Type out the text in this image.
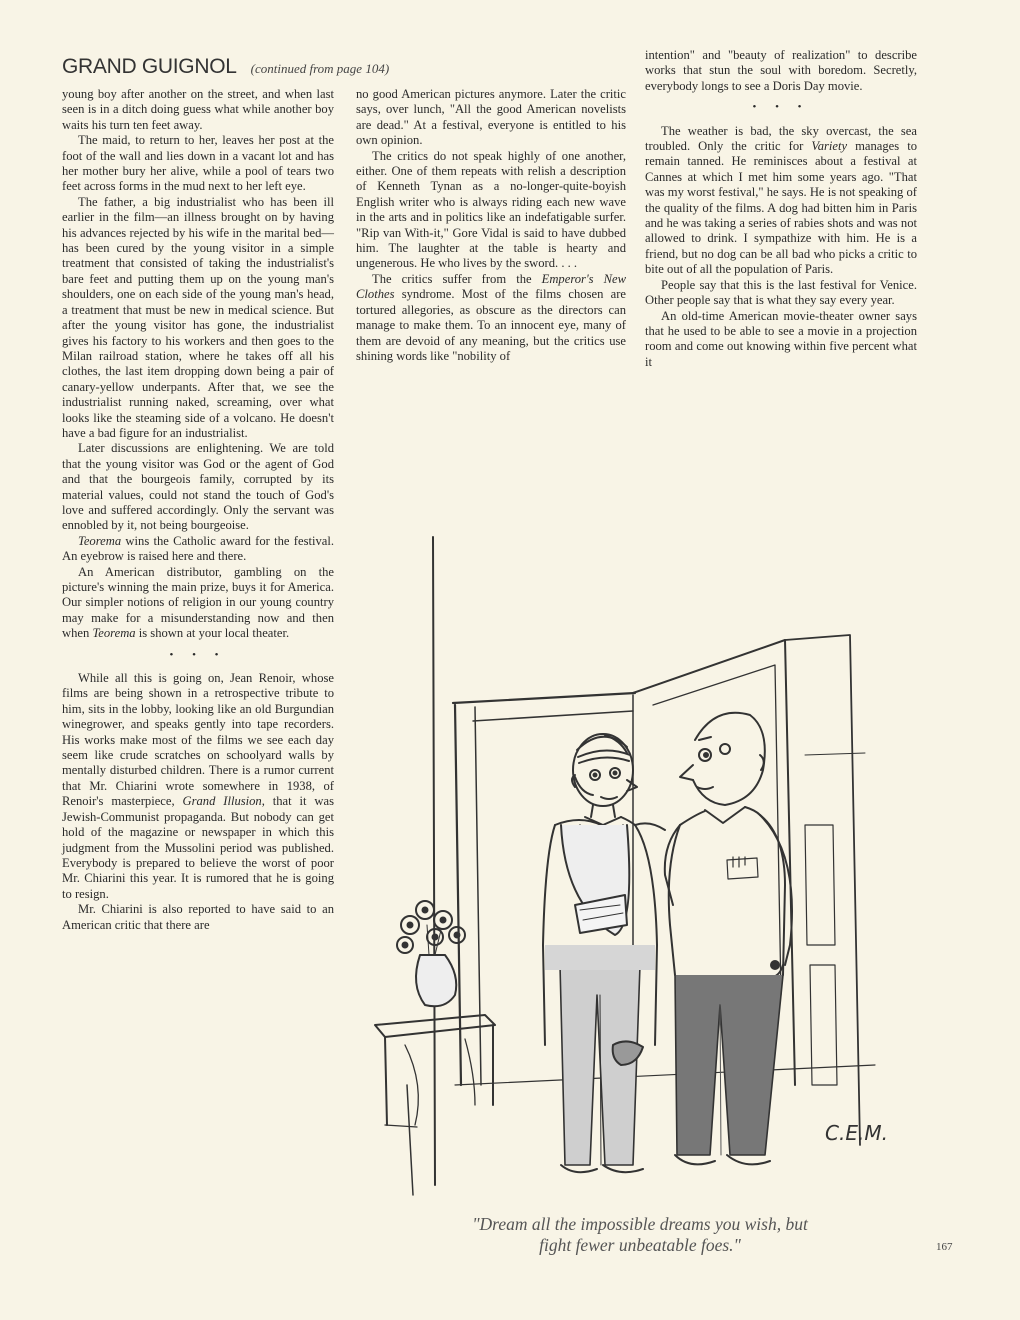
GRAND GUIGNOL (continued from page 104)

young boy after another on the street, and when last seen is in a ditch doing guess what while another boy waits his turn ten feet away.

The maid, to return to her, leaves her post at the foot of the wall and lies down in a vacant lot and has her mother bury her alive, while a pool of tears two feet across forms in the mud next to her left eye.

The father, a big industrialist who has been ill earlier in the film—an illness brought on by having his advances rejected by his wife in the marital bed—has been cured by the young visitor in a simple treatment that consisted of taking the industrialist's bare feet and putting them up on the young man's shoulders, one on each side of the young man's head, a treatment that must be new in medical science. But after the young visitor has gone, the industrialist gives his factory to his workers and then goes to the Milan railroad station, where he takes off all his clothes, the last item dropping down being a pair of canary-yellow underpants. After that, we see the industrialist running naked, screaming, over what looks like the steaming side of a volcano. He doesn't have a bad figure for an industrialist.

Later discussions are enlightening. We are told that the young visitor was God or the agent of God and that the bourgeois family, corrupted by its material values, could not stand the touch of God's love and suffered accordingly. Only the servant was ennobled by it, not being bourgeoise.

Teorema wins the Catholic award for the festival. An eyebrow is raised here and there.

An American distributor, gambling on the picture's winning the main prize, buys it for America. Our simpler notions of religion in our young country may make for a misunderstanding now and then when Teorema is shown at your local theater.

• • •

While all this is going on, Jean Renoir, whose films are being shown in a retrospective tribute to him, sits in the lobby, looking like an old Burgundian winegrower, and speaks gently into tape recorders. His works make most of the films we see each day seem like crude scratches on schoolyard walls by mentally disturbed children. There is a rumor current that Mr. Chiarini wrote somewhere in 1938, of Renoir's masterpiece, Grand Illusion, that it was Jewish-Communist propaganda. But nobody can get hold of the magazine or newspaper in which this judgment from the Mussolini period was published. Everybody is prepared to believe the worst of poor Mr. Chiarini this year. It is rumored that he is going to resign.

Mr. Chiarini is also reported to have said to an American critic that there are

no good American pictures anymore. Later the critic says, over lunch, "All the good American novelists are dead." At a festival, everyone is entitled to his own opinion.

The critics do not speak highly of one another, either. One of them repeats with relish a description of Kenneth Tynan as a no-longer-quite-boyish English writer who is always riding each new wave in the arts and in politics like an indefatigable surfer. "Rip van With-it," Gore Vidal is said to have dubbed him. The laughter at the table is hearty and ungenerous. He who lives by the sword. . . .

The critics suffer from the Emperor's New Clothes syndrome. Most of the films chosen are tortured allegories, as obscure as the directors can manage to make them. To an innocent eye, many of them are devoid of any meaning, but the critics use shining words like "nobility of

intention" and "beauty of realization" to describe works that stun the soul with boredom. Secretly, everybody longs to see a Doris Day movie.

• • •

The weather is bad, the sky overcast, the sea troubled. Only the critic for Variety manages to remain tanned. He reminisces about a festival at Cannes at which I met him some years ago. "That was my worst festival," he says. He is not speaking of the quality of the films. A dog had bitten him in Paris and he was taking a series of rabies shots and was not allowed to drink. I sympathize with him. He is a friend, but no dog can be all bad who picks a critic to bite out of all the population of Paris.

People say that this is the last festival for Venice. Other people say that is what they say every year.

An old-time American movie-theater owner says that he used to be able to see a movie in a projection room and come out knowing within five percent what it

C.E.M.
"Dream all the impossible dreams you wish, but
fight fewer unbeatable foes."	167
